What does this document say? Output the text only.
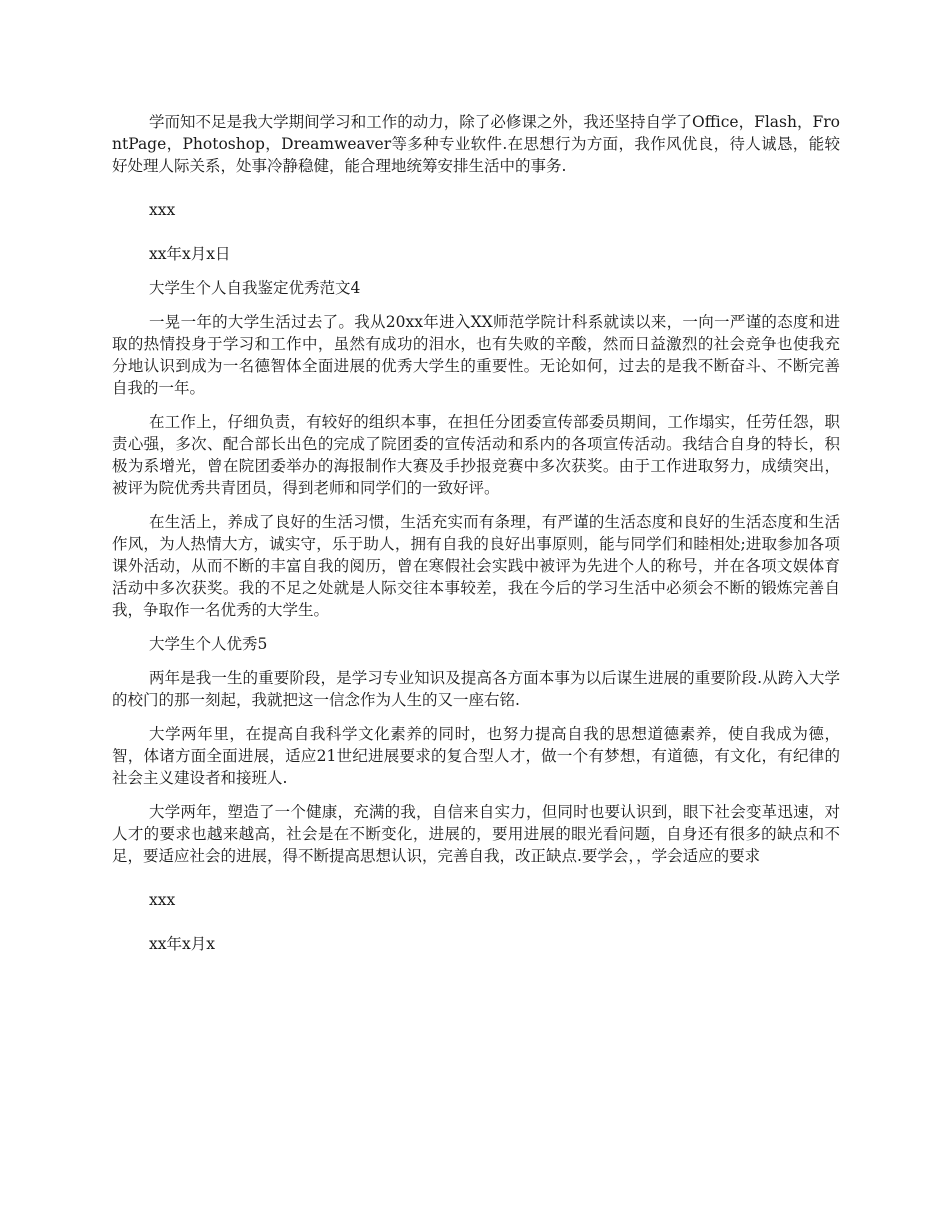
学而知不足是我大学期间学习和工作的动力，除了必修课之外，我还坚持自学了Office，Flash，FrontPage，Photoshop，Dreamweaver等多种专业软件.在思想行为方面，我作风优良，待人诚恳，能较好处理人际关系，处事冷静稳健，能合理地统筹安排生活中的事务.

xxx

xx年x月x日

大学生个人自我鉴定优秀范文4

一晃一年的大学生活过去了。我从20xx年进入XX师范学院计科系就读以来，一向一严谨的态度和进取的热情投身于学习和工作中，虽然有成功的泪水，也有失败的辛酸，然而日益激烈的社会竞争也使我充分地认识到成为一名德智体全面进展的优秀大学生的重要性。无论如何，过去的是我不断奋斗、不断完善自我的一年。

在工作上，仔细负责，有较好的组织本事，在担任分团委宣传部委员期间，工作塌实，任劳任怨，职责心强，多次、配合部长出色的完成了院团委的宣传活动和系内的各项宣传活动。我结合自身的特长，积极为系增光，曾在院团委举办的海报制作大赛及手抄报竞赛中多次获奖。由于工作进取努力，成绩突出，被评为院优秀共青团员，得到老师和同学们的一致好评。

在生活上，养成了良好的生活习惯，生活充实而有条理，有严谨的生活态度和良好的生活态度和生活作风，为人热情大方，诚实守，乐于助人，拥有自我的良好出事原则，能与同学们和睦相处;进取参加各项课外活动，从而不断的丰富自我的阅历，曾在寒假社会实践中被评为先进个人的称号，并在各项文娱体育活动中多次获奖。我的不足之处就是人际交往本事较差，我在今后的学习生活中必须会不断的锻炼完善自我，争取作一名优秀的大学生。

大学生个人优秀5

两年是我一生的重要阶段，是学习专业知识及提高各方面本事为以后谋生进展的重要阶段.从跨入大学的校门的那一刻起，我就把这一信念作为人生的又一座右铭.

大学两年里，在提高自我科学文化素养的同时，也努力提高自我的思想道德素养，使自我成为德，智，体诸方面全面进展，适应21世纪进展要求的复合型人才，做一个有梦想，有道德，有文化，有纪律的社会主义建设者和接班人.

大学两年，塑造了一个健康，充满的我，自信来自实力，但同时也要认识到，眼下社会变革迅速，对人才的要求也越来越高，社会是在不断变化，进展的，要用进展的眼光看问题，自身还有很多的缺点和不足，要适应社会的进展，得不断提高思想认识，完善自我，改正缺点.要学会，，学会适应的要求

xxx

xx年x月x
